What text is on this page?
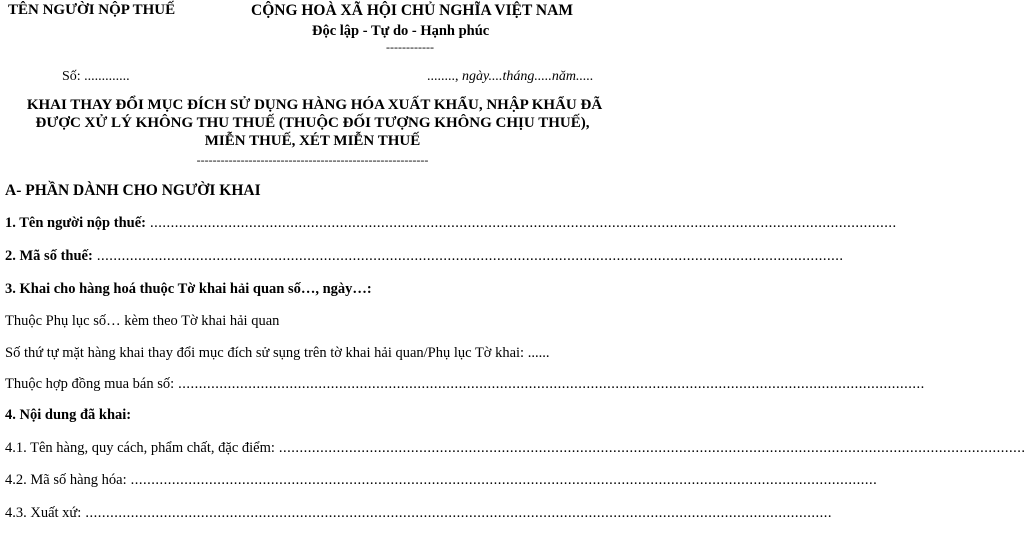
TÊN NGƯỜI NỘP THUẾ	CỘNG HOÀ XÃ HỘI CHỦ NGHĨA VIỆT NAM
Độc lập - Tự do - Hạnh phúc
------------
Số: .............	........, ngày....tháng.....năm.....
KHAI THAY ĐỔI MỤC ĐÍCH SỬ DỤNG HÀNG HÓA XUẤT KHẨU, NHẬP KHẨU ĐÃ
ĐƯỢC XỬ LÝ KHÔNG THU THUẾ (THUỘC ĐỐI TƯỢNG KHÔNG CHỊU THUẾ),
MIỄN THUẾ, XÉT MIỄN THUẾ
----------------------------------------------------------
A- PHẦN DÀNH CHO NGƯỜI KHAI
1. Tên người nộp thuế: .....................................................................................................................................................................................
2. Mã số thuế: .....................................................................................................................................................................................
3. Khai cho hàng hoá thuộc Tờ khai hải quan số…, ngày…:
Thuộc Phụ lục số… kèm theo Tờ khai hải quan
Số thứ tự mặt hàng khai thay đổi mục đích sử sụng trên tờ khai hải quan/Phụ lục Tờ khai: ......
Thuộc hợp đồng mua bán số: .....................................................................................................................................................................................
4. Nội dung đã khai:
4.1. Tên hàng, quy cách, phẩm chất, đặc điểm: .....................................................................................................................................................................................
4.2. Mã số hàng hóa: .....................................................................................................................................................................................
4.3. Xuất xứ: .....................................................................................................................................................................................
